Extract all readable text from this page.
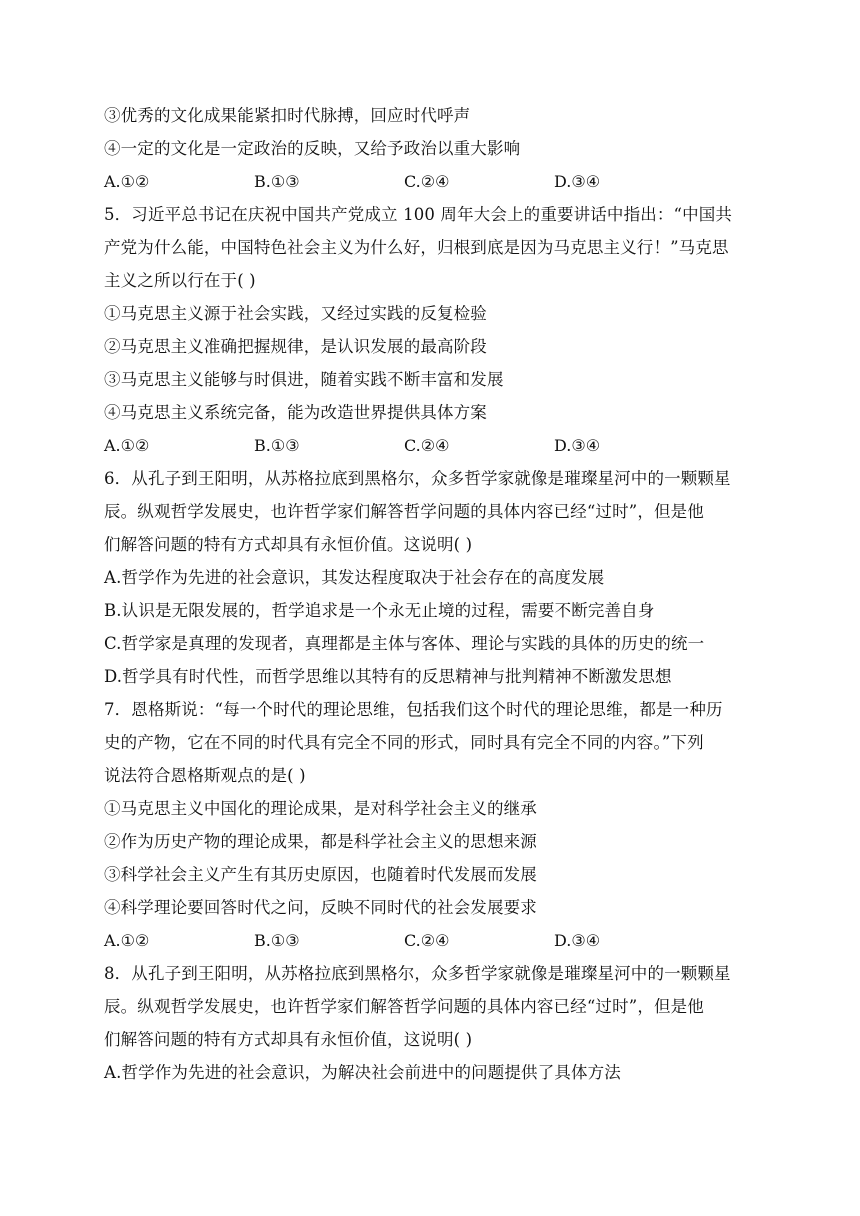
③优秀的文化成果能紧扣时代脉搏，回应时代呼声
④一定的文化是一定政治的反映，又给予政治以重大影响
A.①②	B.①③	C.②④	D.③④
5．习近平总书记在庆祝中国共产党成立 100 周年大会上的重要讲话中指出：“中国共
产党为什么能，中国特色社会主义为什么好，归根到底是因为马克思主义行！”马克思
主义之所以行在于( )
①马克思主义源于社会实践，又经过实践的反复检验
②马克思主义准确把握规律，是认识发展的最高阶段
③马克思主义能够与时俱进，随着实践不断丰富和发展
④马克思主义系统完备，能为改造世界提供具体方案
A.①②	B.①③	C.②④	D.③④
6．从孔子到王阳明，从苏格拉底到黑格尔，众多哲学家就像是璀璨星河中的一颗颗星
辰。纵观哲学发展史，也许哲学家们解答哲学问题的具体内容已经“过时”，但是他
们解答问题的特有方式却具有永恒价值。这说明( )
A.哲学作为先进的社会意识，其发达程度取决于社会存在的高度发展
B.认识是无限发展的，哲学追求是一个永无止境的过程，需要不断完善自身
C.哲学家是真理的发现者，真理都是主体与客体、理论与实践的具体的历史的统一
D.哲学具有时代性，而哲学思维以其特有的反思精神与批判精神不断激发思想
7．恩格斯说：“每一个时代的理论思维，包括我们这个时代的理论思维，都是一种历
史的产物，它在不同的时代具有完全不同的形式，同时具有完全不同的内容。”下列
说法符合恩格斯观点的是( )
①马克思主义中国化的理论成果，是对科学社会主义的继承
②作为历史产物的理论成果，都是科学社会主义的思想来源
③科学社会主义产生有其历史原因，也随着时代发展而发展
④科学理论要回答时代之问，反映不同时代的社会发展要求
A.①②	B.①③	C.②④	D.③④
8．从孔子到王阳明，从苏格拉底到黑格尔，众多哲学家就像是璀璨星河中的一颗颗星
辰。纵观哲学发展史，也许哲学家们解答哲学问题的具体内容已经“过时”，但是他
们解答问题的特有方式却具有永恒价值，这说明( )
A.哲学作为先进的社会意识，为解决社会前进中的问题提供了具体方法
